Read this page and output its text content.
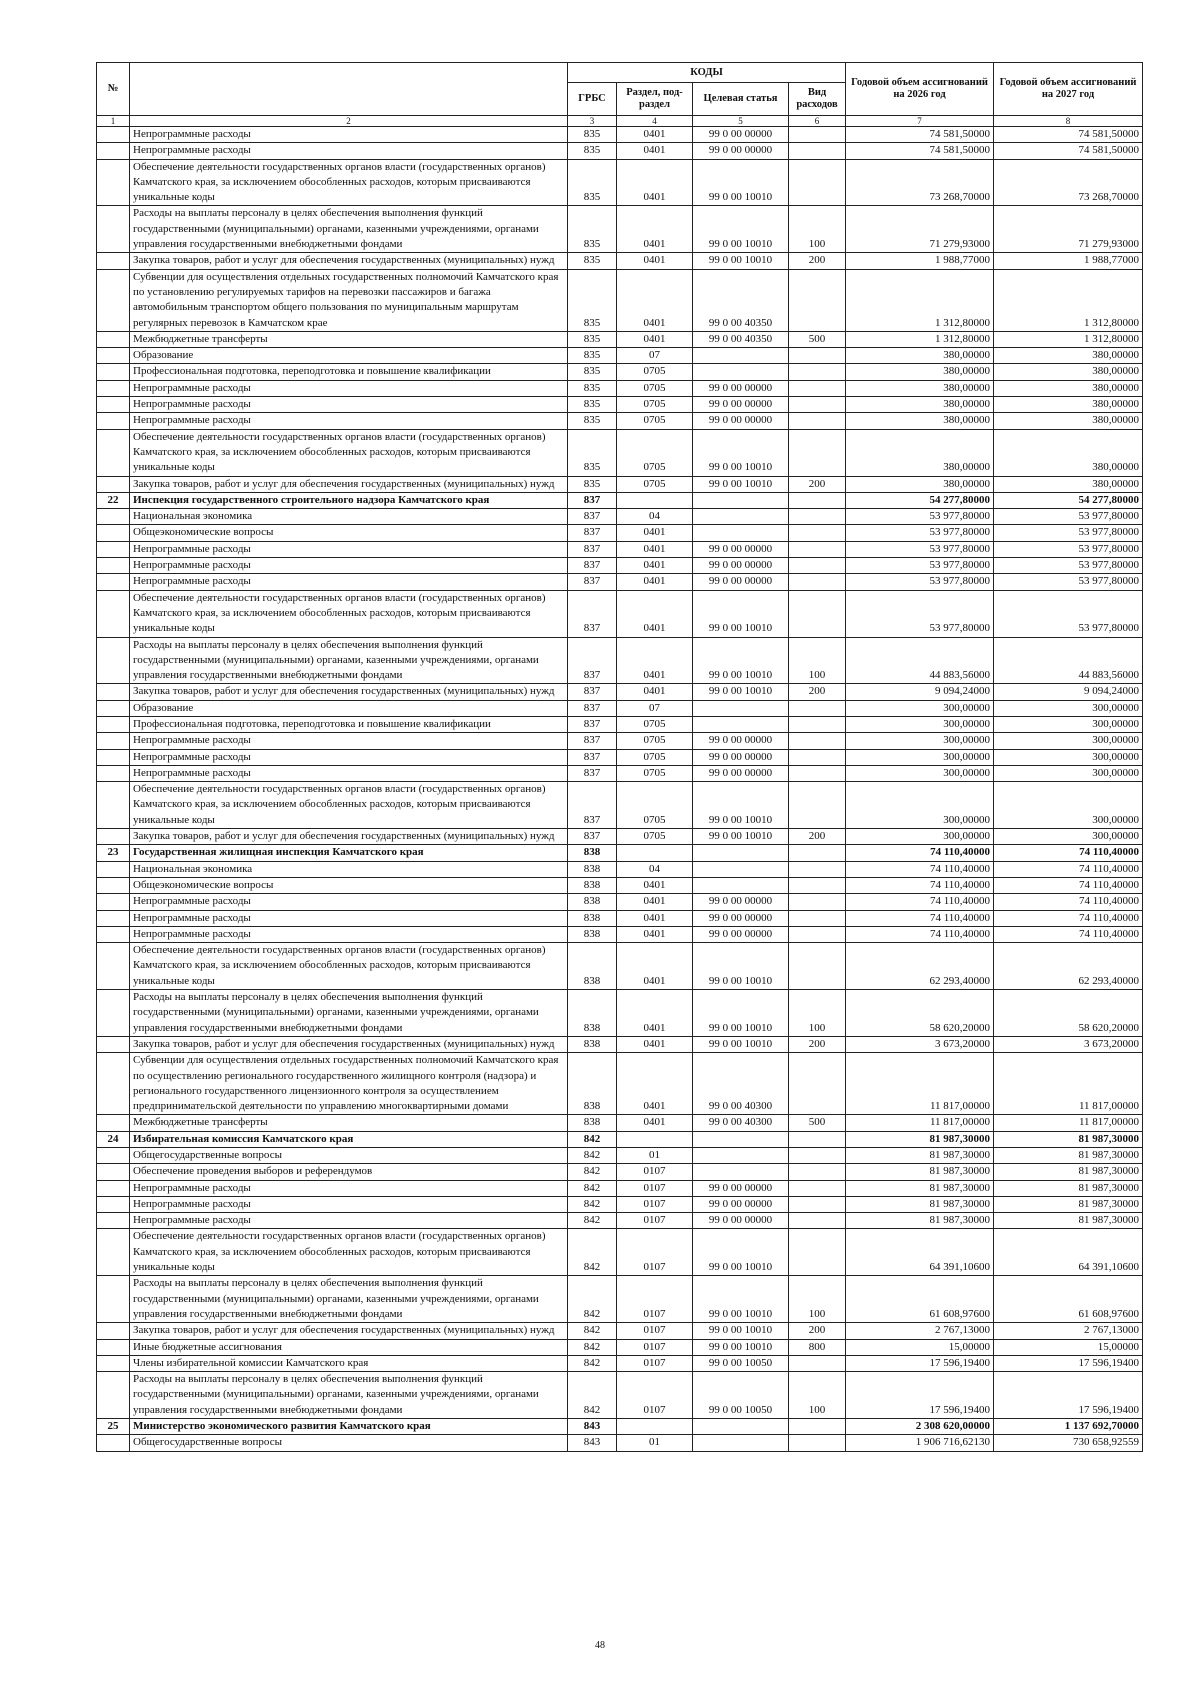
№		КОДЫ				Годовой объем ассигнований на 2026 год	Годовой объем ассигнований на 2027 год
		ГРБС	Раздел, под-раздел	Целевая статья	Вид расходов		
1	2	3	4	5	6	7	8
	Непрограммные расходы	835	0401	99 0 00 00000		74 581,50000	74 581,50000
	Непрограммные расходы	835	0401	99 0 00 00000		74 581,50000	74 581,50000
	Обеспечение деятельности государственных органов власти (государственных органов) Камчатского края, за исключением обособленных расходов, которым присваиваются уникальные коды	835	0401	99 0 00 10010		73 268,70000	73 268,70000
	Расходы на выплаты персоналу в целях обеспечения выполнения функций государственными (муниципальными) органами, казенными учреждениями, органами управления государственными внебюджетными фондами	835	0401	99 0 00 10010	100	71 279,93000	71 279,93000
	Закупка товаров, работ и услуг для обеспечения государственных (муниципальных) нужд	835	0401	99 0 00 10010	200	1 988,77000	1 988,77000
	Субвенции для осуществления отдельных государственных полномочий Камчатского края по установлению регулируемых тарифов на перевозки пассажиров и багажа автомобильным транспортом общего пользования по муниципальным маршрутам регулярных перевозок в Камчатском крае	835	0401	99 0 00 40350		1 312,80000	1 312,80000
	Межбюджетные трансферты	835	0401	99 0 00 40350	500	1 312,80000	1 312,80000
	Образование	835	07			380,00000	380,00000
	Профессиональная подготовка, переподготовка и повышение квалификации	835	0705			380,00000	380,00000
	Непрограммные расходы	835	0705	99 0 00 00000		380,00000	380,00000
	Непрограммные расходы	835	0705	99 0 00 00000		380,00000	380,00000
	Непрограммные расходы	835	0705	99 0 00 00000		380,00000	380,00000
	Обеспечение деятельности государственных органов власти (государственных органов) Камчатского края, за исключением обособленных расходов, которым присваиваются уникальные коды	835	0705	99 0 00 10010		380,00000	380,00000
	Закупка товаров, работ и услуг для обеспечения государственных (муниципальных) нужд	835	0705	99 0 00 10010	200	380,00000	380,00000
22	Инспекция государственного строительного надзора Камчатского края	837				54 277,80000	54 277,80000
	Национальная экономика	837	04			53 977,80000	53 977,80000
	Общеэкономические вопросы	837	0401			53 977,80000	53 977,80000
	Непрограммные расходы	837	0401	99 0 00 00000		53 977,80000	53 977,80000
	Непрограммные расходы	837	0401	99 0 00 00000		53 977,80000	53 977,80000
	Непрограммные расходы	837	0401	99 0 00 00000		53 977,80000	53 977,80000
	Обеспечение деятельности государственных органов власти (государственных органов) Камчатского края, за исключением обособленных расходов, которым присваиваются уникальные коды	837	0401	99 0 00 10010		53 977,80000	53 977,80000
	Расходы на выплаты персоналу в целях обеспечения выполнения функций государственными (муниципальными) органами, казенными учреждениями, органами управления государственными внебюджетными фондами	837	0401	99 0 00 10010	100	44 883,56000	44 883,56000
	Закупка товаров, работ и услуг для обеспечения государственных (муниципальных) нужд	837	0401	99 0 00 10010	200	9 094,24000	9 094,24000
	Образование	837	07			300,00000	300,00000
	Профессиональная подготовка, переподготовка и повышение квалификации	837	0705			300,00000	300,00000
	Непрограммные расходы	837	0705	99 0 00 00000		300,00000	300,00000
	Непрограммные расходы	837	0705	99 0 00 00000		300,00000	300,00000
	Непрограммные расходы	837	0705	99 0 00 00000		300,00000	300,00000
	Обеспечение деятельности государственных органов власти (государственных органов) Камчатского края, за исключением обособленных расходов, которым присваиваются уникальные коды	837	0705	99 0 00 10010		300,00000	300,00000
	Закупка товаров, работ и услуг для обеспечения государственных (муниципальных) нужд	837	0705	99 0 00 10010	200	300,00000	300,00000
23	Государственная жилищная инспекция Камчатского края	838				74 110,40000	74 110,40000
	Национальная экономика	838	04			74 110,40000	74 110,40000
	Общеэкономические вопросы	838	0401			74 110,40000	74 110,40000
	Непрограммные расходы	838	0401	99 0 00 00000		74 110,40000	74 110,40000
	Непрограммные расходы	838	0401	99 0 00 00000		74 110,40000	74 110,40000
	Непрограммные расходы	838	0401	99 0 00 00000		74 110,40000	74 110,40000
	Обеспечение деятельности государственных органов власти (государственных органов) Камчатского края, за исключением обособленных расходов, которым присваиваются уникальные коды	838	0401	99 0 00 10010		62 293,40000	62 293,40000
	Расходы на выплаты персоналу в целях обеспечения выполнения функций государственными (муниципальными) органами, казенными учреждениями, органами управления государственными внебюджетными фондами	838	0401	99 0 00 10010	100	58 620,20000	58 620,20000
	Закупка товаров, работ и услуг для обеспечения государственных (муниципальных) нужд	838	0401	99 0 00 10010	200	3 673,20000	3 673,20000
	Субвенции для осуществления отдельных государственных полномочий Камчатского края по осуществлению регионального государственного жилищного контроля (надзора) и регионального государственного лицензионного контроля за осуществлением предпринимательской деятельности по управлению многоквартирными домами	838	0401	99 0 00 40300		11 817,00000	11 817,00000
	Межбюджетные трансферты	838	0401	99 0 00 40300	500	11 817,00000	11 817,00000
24	Избирательная комиссия Камчатского края	842				81 987,30000	81 987,30000
	Общегосударственные вопросы	842	01			81 987,30000	81 987,30000
	Обеспечение проведения выборов и референдумов	842	0107			81 987,30000	81 987,30000
	Непрограммные расходы	842	0107	99 0 00 00000		81 987,30000	81 987,30000
	Непрограммные расходы	842	0107	99 0 00 00000		81 987,30000	81 987,30000
	Непрограммные расходы	842	0107	99 0 00 00000		81 987,30000	81 987,30000
	Обеспечение деятельности государственных органов власти (государственных органов) Камчатского края, за исключением обособленных расходов, которым присваиваются уникальные коды	842	0107	99 0 00 10010		64 391,10600	64 391,10600
	Расходы на выплаты персоналу в целях обеспечения выполнения функций государственными (муниципальными) органами, казенными учреждениями, органами управления государственными внебюджетными фондами	842	0107	99 0 00 10010	100	61 608,97600	61 608,97600
	Закупка товаров, работ и услуг для обеспечения государственных (муниципальных) нужд	842	0107	99 0 00 10010	200	2 767,13000	2 767,13000
	Иные бюджетные ассигнования	842	0107	99 0 00 10010	800	15,00000	15,00000
	Члены избирательной комиссии Камчатского края	842	0107	99 0 00 10050		17 596,19400	17 596,19400
	Расходы на выплаты персоналу в целях обеспечения выполнения функций государственными (муниципальными) органами, казенными учреждениями, органами управления государственными внебюджетными фондами	842	0107	99 0 00 10050	100	17 596,19400	17 596,19400
25	Министерство экономического развития Камчатского края	843				2 308 620,00000	1 137 692,70000
	Общегосударственные вопросы	843	01			1 906 716,62130	730 658,92559
48
